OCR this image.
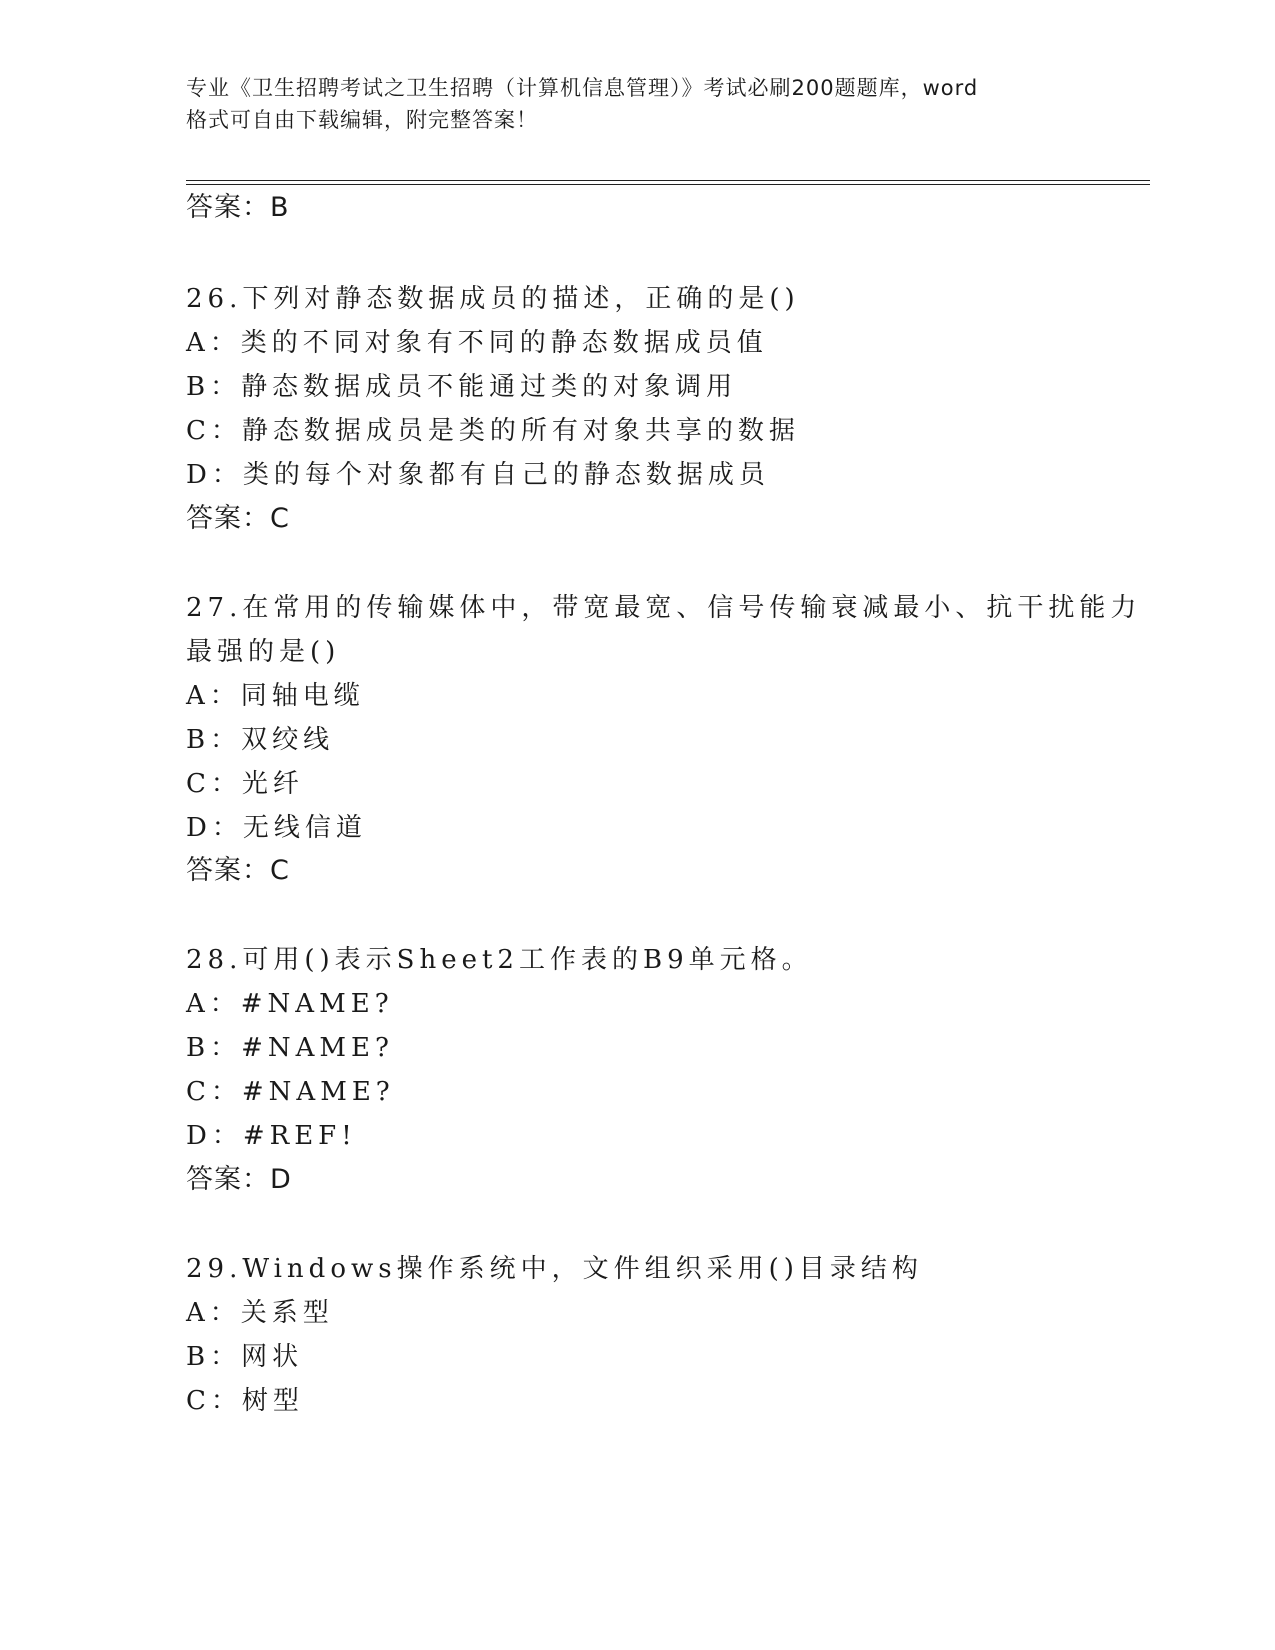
专业《卫生招聘考试之卫生招聘（计算机信息管理）》考试必刷200题题库，word

格式可自由下载编辑，附完整答案！

答案：B
26.下列对静态数据成员的描述，正确的是()
A：类的不同对象有不同的静态数据成员值
B：静态数据成员不能通过类的对象调用
C：静态数据成员是类的所有对象共享的数据
D：类的每个对象都有自己的静态数据成员
答案：C
27.在常用的传输媒体中，带宽最宽、信号传输衰减最小、抗干扰能力
最强的是()
A：同轴电缆
B：双绞线
C：光纤
D：无线信道
答案：C
28.可用()表示Sheet2工作表的B9单元格。
A：#NAME?
B：#NAME?
C：#NAME?
D：#REF!
答案：D
29.Windows操作系统中，文件组织采用()目录结构
A：关系型
B：网状
C：树型
